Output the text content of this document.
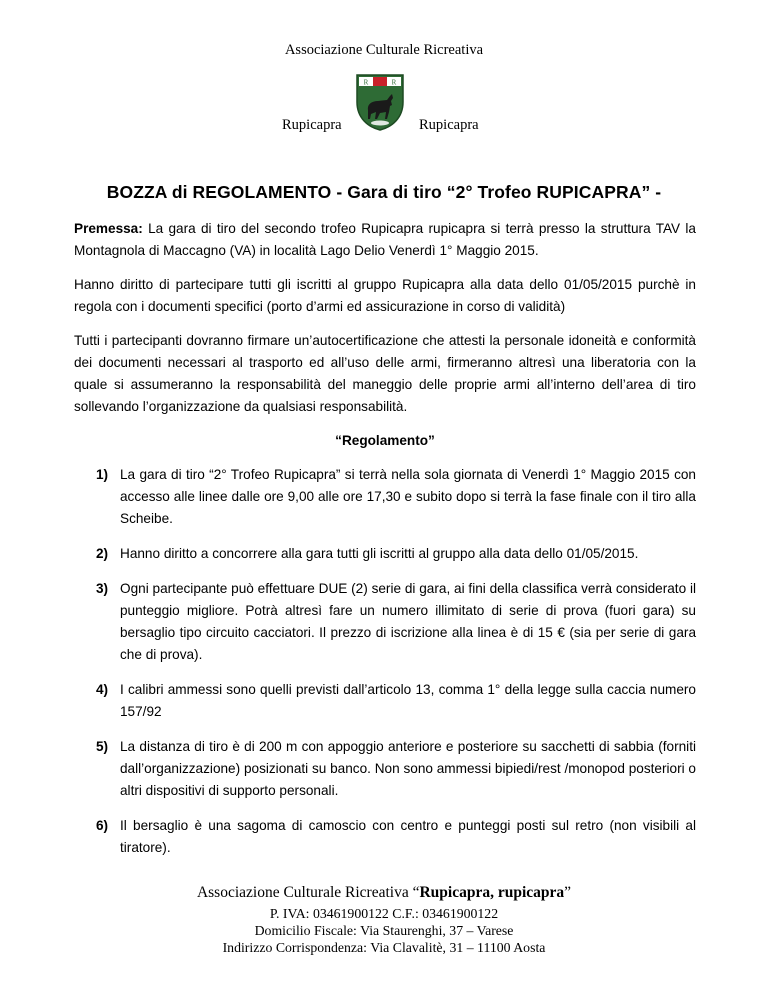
Associazione Culturale Ricreativa
R	R
Rupicapra	Rupicapra
BOZZA di REGOLAMENTO - Gara di tiro “2° Trofeo RUPICAPRA” -

Premessa: La gara di tiro del secondo trofeo Rupicapra rupicapra si terrà presso la struttura TAV la Montagnola di Maccagno (VA) in località Lago Delio Venerdì 1° Maggio 2015.

Hanno diritto di partecipare tutti gli iscritti al gruppo Rupicapra alla data dello 01/05/2015 purchè in regola con i documenti specifici (porto d’armi ed assicurazione in corso di validità)

Tutti i partecipanti dovranno firmare un’autocertificazione che attesti la personale idoneità e conformità dei documenti necessari al trasporto ed all’uso delle armi, firmeranno altresì una liberatoria con la quale si assumeranno la responsabilità del maneggio delle proprie armi all’interno dell’area di tiro sollevando l’organizzazione da qualsiasi responsabilità.

“Regolamento”

1) La gara di tiro “2° Trofeo Rupicapra” si terrà nella sola giornata di Venerdì 1° Maggio 2015 con accesso alle linee dalle ore 9,00 alle ore 17,30 e subito dopo si terrà la fase finale con il tiro alla Scheibe.
2) Hanno diritto a concorrere alla gara tutti gli iscritti al gruppo alla data dello 01/05/2015.
3) Ogni partecipante può effettuare DUE (2) serie di gara, ai fini della classifica verrà considerato il punteggio migliore. Potrà altresì fare un numero illimitato di serie di prova (fuori gara) su bersaglio tipo circuito cacciatori. Il prezzo di iscrizione alla linea è di 15 € (sia per serie di gara che di prova).
4) I calibri ammessi sono quelli previsti dall’articolo 13, comma 1° della legge sulla caccia numero 157/92
5) La distanza di tiro è di 200 m con appoggio anteriore e posteriore su sacchetti di sabbia (forniti dall’organizzazione) posizionati su banco. Non sono ammessi bipiedi/rest /monopod posteriori o altri dispositivi di supporto personali.
6) Il bersaglio è una sagoma di camoscio con centro e punteggi posti sul retro (non visibili al tiratore).
Associazione Culturale Ricreativa “Rupicapra, rupicapra”
P. IVA: 03461900122 C.F.: 03461900122
Domicilio Fiscale: Via Staurenghi, 37 – Varese
Indirizzo Corrispondenza: Via Clavalitè, 31 – 11100 Aosta
